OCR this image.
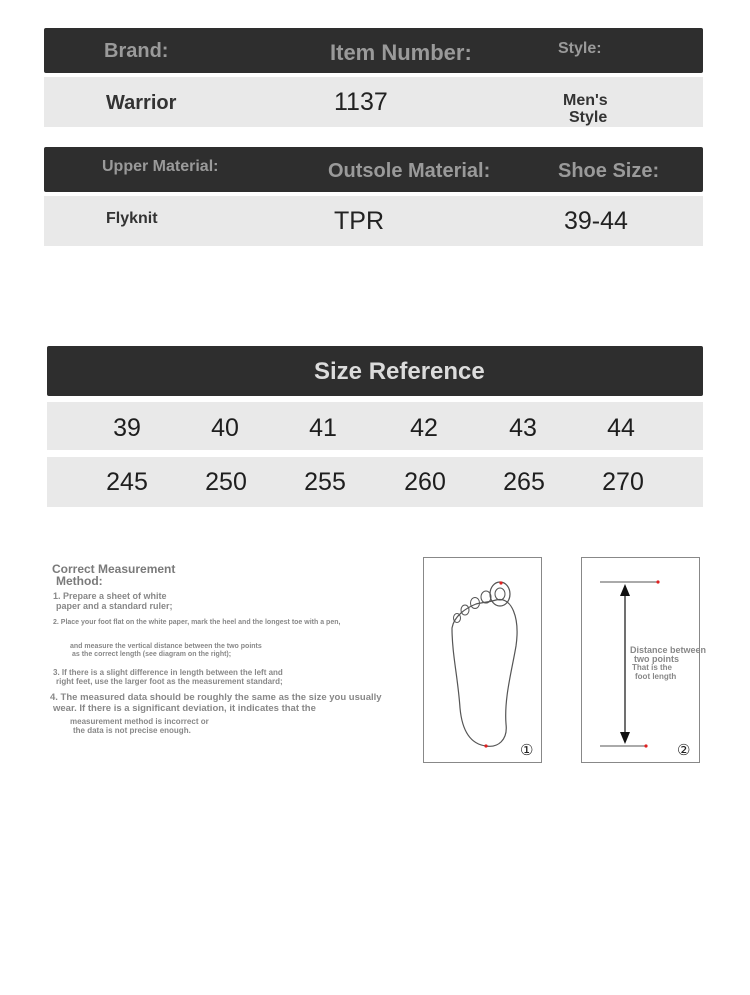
Brand:	Item Number:	Style:
Warrior	1137	Men's
Style
Upper Material:	Outsole Material:	Shoe Size:
Flyknit	TPR	39-44
Size Reference
39	40	41	42	43	44
245	250	255	260	265	270
Correct Measurement
Method:
1. Prepare a sheet of white
paper and a standard ruler;
2. Place your foot flat on the white paper, mark the heel and the longest toe with a pen,
and measure the vertical distance between the two points
as the correct length (see diagram on the right);
3. If there is a slight difference in length between the left and
right feet, use the larger foot as the measurement standard;
4. The measured data should be roughly the same as the size you usually
wear. If there is a significant deviation, it indicates that the
measurement method is incorrect or
the data is not precise enough.
①
Distance between
two points
That is the
foot length
②
